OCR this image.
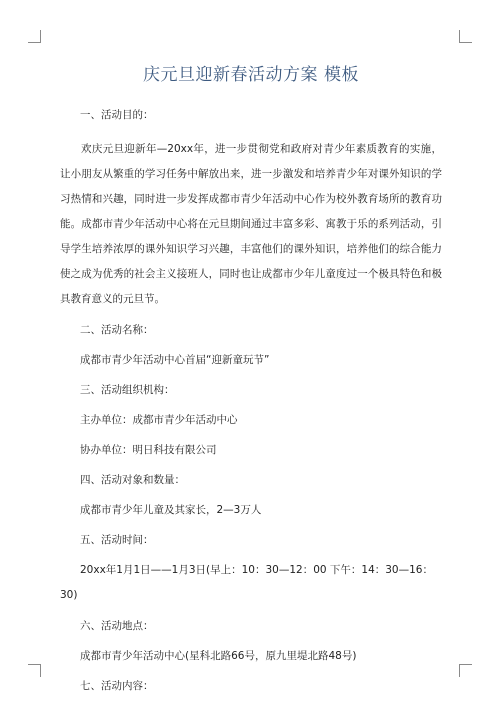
庆元旦迎新春活动方案 模板
一、活动目的：

欢庆元旦迎新年—20xx年，进一步贯彻党和政府对青少年素质教育的实施，让小朋友从繁重的学习任务中解放出来，进一步激发和培养青少年对课外知识的学习热情和兴趣，同时进一步发挥成都市青少年活动中心作为校外教育场所的教育功能。成都市青少年活动中心将在元旦期间通过丰富多彩、寓教于乐的系列活动，引导学生培养浓厚的课外知识学习兴趣，丰富他们的课外知识，培养他们的综合能力使之成为优秀的社会主义接班人，同时也让成都市少年儿童度过一个极具特色和极具教育意义的元旦节。

二、活动名称：
成都市青少年活动中心首届“迎新童玩节”
三、活动组织机构：
主办单位：成都市青少年活动中心
协办单位：明日科技有限公司
四、活动对象和数量：
成都市青少年儿童及其家长，2—3万人
五、活动时间：

20xx年1月1日——1月3日(早上：10：30—12：00 下午：14：30—16：30)

六、活动地点：
成都市青少年活动中心(星科北路66号，原九里堤北路48号)
七、活动内容：
